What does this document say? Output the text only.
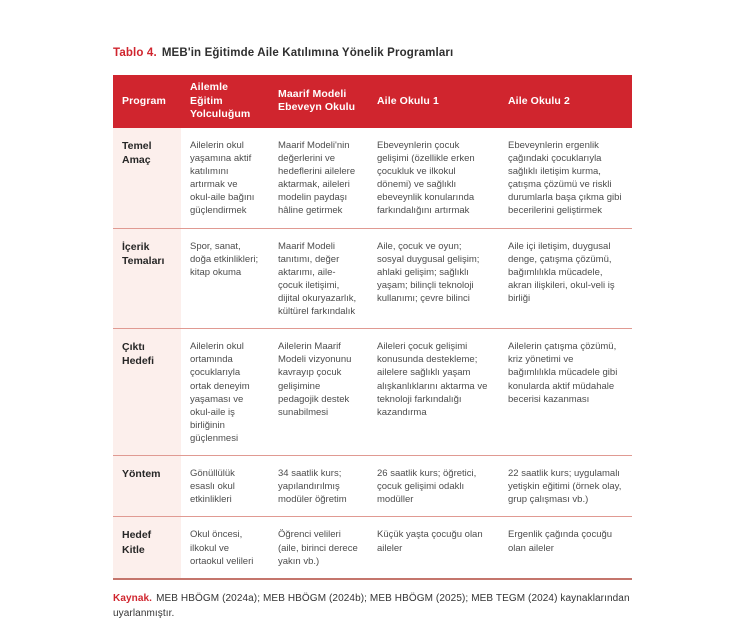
Tablo 4. MEB'in Eğitimde Aile Katılımına Yönelik Programları
Program	Ailemle Eğitim Yolculuğum	Maarif Modeli Ebeveyn Okulu	Aile Okulu 1	Aile Okulu 2
Temel Amaç	Ailelerin okul yaşamına aktif katılımını artırmak ve okul-aile bağını güçlendirmek	Maarif Modeli'nin değerlerini ve hedeflerini ailelere aktarmak, aileleri modelin paydaşı hâline getirmek	Ebeveynlerin çocuk gelişimi (özellikle erken çocukluk ve ilkokul dönemi) ve sağlıklı ebeveynlik konularında farkındalığını artırmak	Ebeveynlerin ergenlik çağındaki çocuklarıyla sağlıklı iletişim kurma, çatışma çözümü ve riskli durumlarla başa çıkma gibi becerilerini geliştirmek
İçerik Temaları	Spor, sanat, doğa etkinlikleri; kitap okuma	Maarif Modeli tanıtımı, değer aktarımı, aile-çocuk iletişimi, dijital okuryazarlık, kültürel farkındalık	Aile, çocuk ve oyun; sosyal duygusal gelişim; ahlaki gelişim; sağlıklı yaşam; bilinçli teknoloji kullanımı; çevre bilinci	Aile içi iletişim, duygusal denge, çatışma çözümü, bağımlılıkla mücadele, akran ilişkileri, okul-veli iş birliği
Çıktı Hedefi	Ailelerin okul ortamında çocuklarıyla ortak deneyim yaşaması ve okul-aile iş birliğinin güçlenmesi	Ailelerin Maarif Modeli vizyonunu kavrayıp çocuk gelişimine pedagojik destek sunabilmesi	Aileleri çocuk gelişimi konusunda destekleme; ailelere sağlıklı yaşam alışkanlıklarını aktarma ve teknoloji farkındalığı kazandırma	Ailelerin çatışma çözümü, kriz yönetimi ve bağımlılıkla mücadele gibi konularda aktif müdahale becerisi kazanması
Yöntem	Gönüllülük esaslı okul etkinlikleri	34 saatlik kurs; yapılandırılmış modüler öğretim	26 saatlik kurs; öğretici, çocuk gelişimi odaklı modüller	22 saatlik kurs; uygulamalı yetişkin eğitimi (örnek olay, grup çalışması vb.)
Hedef Kitle	Okul öncesi, ilkokul ve ortaokul velileri	Öğrenci velileri (aile, birinci derece yakın vb.)	Küçük yaşta çocuğu olan aileler	Ergenlik çağında çocuğu olan aileler
Kaynak. MEB HBÖGM (2024a); MEB HBÖGM (2024b); MEB HBÖGM (2025); MEB TEGM (2024) kaynaklarından uyarlanmıştır.
